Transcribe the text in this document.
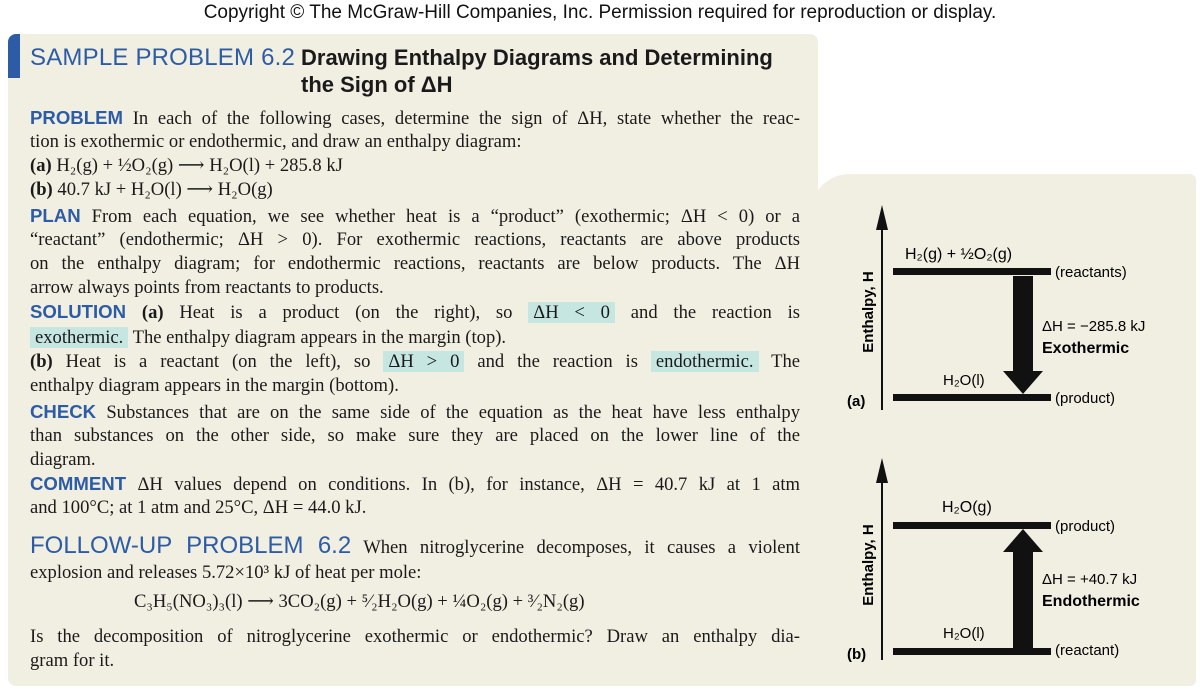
Copyright © The McGraw-Hill Companies, Inc. Permission required for reproduction or display.
SAMPLE PROBLEM 6.2 Drawing Enthalpy Diagrams and Determining
the Sign of ΔH
PROBLEM In each of the following cases, determine the sign of ΔH, state whether the reac-
tion is exothermic or endothermic, and draw an enthalpy diagram:
(a) H₂(g) + ½O₂(g) ⟶ H₂O(l) + 285.8 kJ
(b) 40.7 kJ + H₂O(l) ⟶ H₂O(g)
PLAN From each equation, we see whether heat is a “product” (exothermic; ΔH < 0) or a
“reactant” (endothermic; ΔH > 0). For exothermic reactions, reactants are above products
on the enthalpy diagram; for endothermic reactions, reactants are below products. The ΔH
arrow always points from reactants to products.
SOLUTION (a) Heat is a product (on the right), so ΔH < 0 and the reaction is
exothermic. The enthalpy diagram appears in the margin (top).
(b) Heat is a reactant (on the left), so ΔH > 0 and the reaction is endothermic. The
enthalpy diagram appears in the margin (bottom).
CHECK Substances that are on the same side of the equation as the heat have less enthalpy
than substances on the other side, so make sure they are placed on the lower line of the
diagram.
COMMENT ΔH values depend on conditions. In (b), for instance, ΔH = 40.7 kJ at 1 atm
and 100°C; at 1 atm and 25°C, ΔH = 44.0 kJ.
FOLLOW-UP PROBLEM 6.2 When nitroglycerine decomposes, it causes a violent
explosion and releases 5.72×10³ kJ of heat per mole:
C₃H₅(NO₃)₃(l) ⟶ 3CO₂(g) + ⁵⁄₂H₂O(g) + ¼O₂(g) + ³⁄₂N₂(g)
Is the decomposition of nitroglycerine exothermic or endothermic? Draw an enthalpy dia-
gram for it.
Enthalpy, H
(a)
H₂(g) + ½O₂(g)
(reactants)
H₂O(l)
(product)
ΔH = −285.8 kJ
Exothermic
Enthalpy, H
(b)
H₂O(g)
(product)
H₂O(l)
(reactant)
ΔH = +40.7 kJ
Endothermic
